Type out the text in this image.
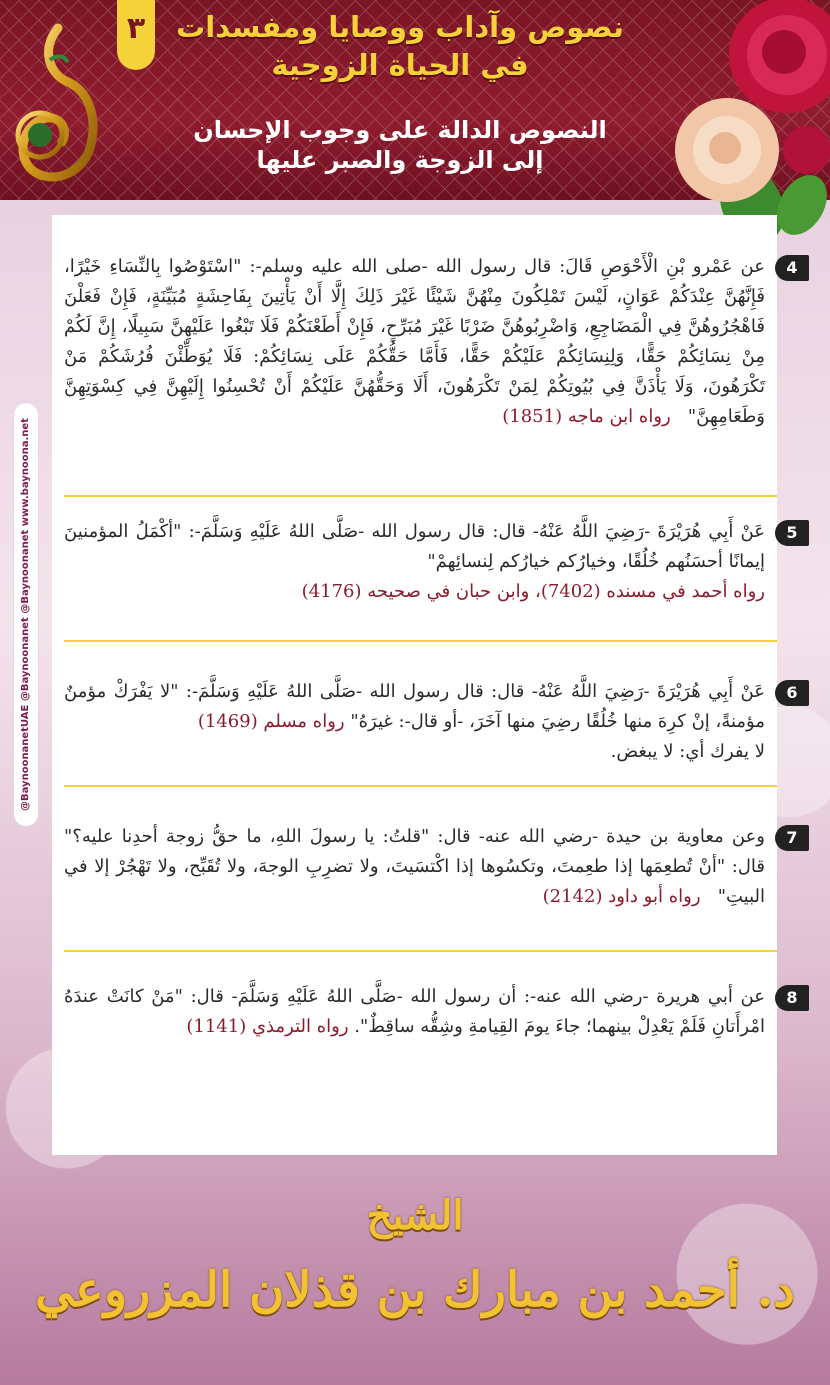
٣	نصوص وآداب ووصايا ومفسدات
في الحياة الزوجية
النصوص الدالة على وجوب الإحسان
إلى الزوجة والصبر عليها
@BaynoonanetUAE @Baynoonanet @Baynoonanet www.baynoona.net
4
عن عَمْرو بْنِ الْأَحْوَصِ قَالَ: قال رسول الله -صلى الله عليه وسلم-: "اسْتَوْصُوا بِالنِّسَاءِ خَيْرًا، فَإِنَّهُنَّ عِنْدَكُمْ عَوَانٍ، لَيْسَ تَمْلِكُونَ مِنْهُنَّ شَيْئًا غَيْرَ ذَلِكَ إِلَّا أَنْ يَأْتِينَ بِفَاحِشَةٍ مُبَيِّنَةٍ، فَإِنْ فَعَلْنَ فَاهْجُرُوهُنَّ فِي الْمَضَاجِعِ، وَاضْرِبُوهُنَّ ضَرْبًا غَيْرَ مُبَرِّحٍ، فَإِنْ أَطَعْنَكُمْ فَلَا تَبْغُوا عَلَيْهِنَّ سَبِيلًا، إِنَّ لَكُمْ مِنْ نِسَائِكُمْ حَقًّا، وَلِنِسَائِكُمْ عَلَيْكُمْ حَقًّا، فَأَمَّا حَقُّكُمْ عَلَى نِسَائِكُمْ: فَلَا يُوَطِّئْنَ فُرُشَكُمْ مَنْ تَكْرَهُونَ، وَلَا يَأْذَنَّ فِي بُيُوتِكُمْ لِمَنْ تَكْرَهُونَ، أَلَا وَحَقُّهُنَّ عَلَيْكُمْ أَنْ تُحْسِنُوا إِلَيْهِنَّ فِي كِسْوَتِهِنَّ وَطَعَامِهِنَّ"   رواه ابن ماجه (1851)
5
عَنْ أَبِي هُرَيْرَةَ -رَضِيَ اللَّهُ عَنْهُ- قال: قال رسول الله -صَلَّى اللهُ عَلَيْهِ وَسَلَّمَ-: "أكْمَلُ المؤمنينَ إيمانًا أحسَنُهم خُلُقًا، وخيارُكم خيارُكم لِنسائِهمْ"
رواه أحمد في مسنده (7402)، وابن حبان في صحيحه (4176)
6
عَنْ أَبِي هُرَيْرَةَ -رَضِيَ اللَّهُ عَنْهُ- قال: قال رسول الله -صَلَّى اللهُ عَلَيْهِ وَسَلَّمَ-: "لا يَفْرَكْ مؤمنٌ مؤمنةً، إنْ كرِهَ منها خُلُقًا رضِيَ منها آخَرَ، -أو قال-: غيرَهُ" رواه مسلم (1469)
لا يفرك أي: لا يبغض.
7
وعن معاوية بن حيدة -رضي الله عنه- قال: "قلتُ: يا رسولَ اللهِ، ما حقُّ زوجة أحدِنا عليه؟" قال: "أنْ تُطعِمَها إذا طعِمتَ، وتكسُوها إذا اكْتسَيتَ، ولا تضرِبِ الوجهَ، ولا تُقَبِّح، ولا تَهْجُرْ إلا في البيتِ"   رواه أبو داود (2142)
8
عن أبي هريرة -رضي الله عنه-: أن رسول الله -صَلَّى اللهُ عَلَيْهِ وَسَلَّمَ- قال: "مَنْ كانَتْ عندَهُ امْرأَتانِ فَلَمْ يَعْدِلْ بينهما؛ جاءَ يومَ القِيامةِ وشِقُّه ساقِطٌ". رواه الترمذي (1141)
الشيخ
د. أحمد بن مبارك بن قذلان المزروعي
